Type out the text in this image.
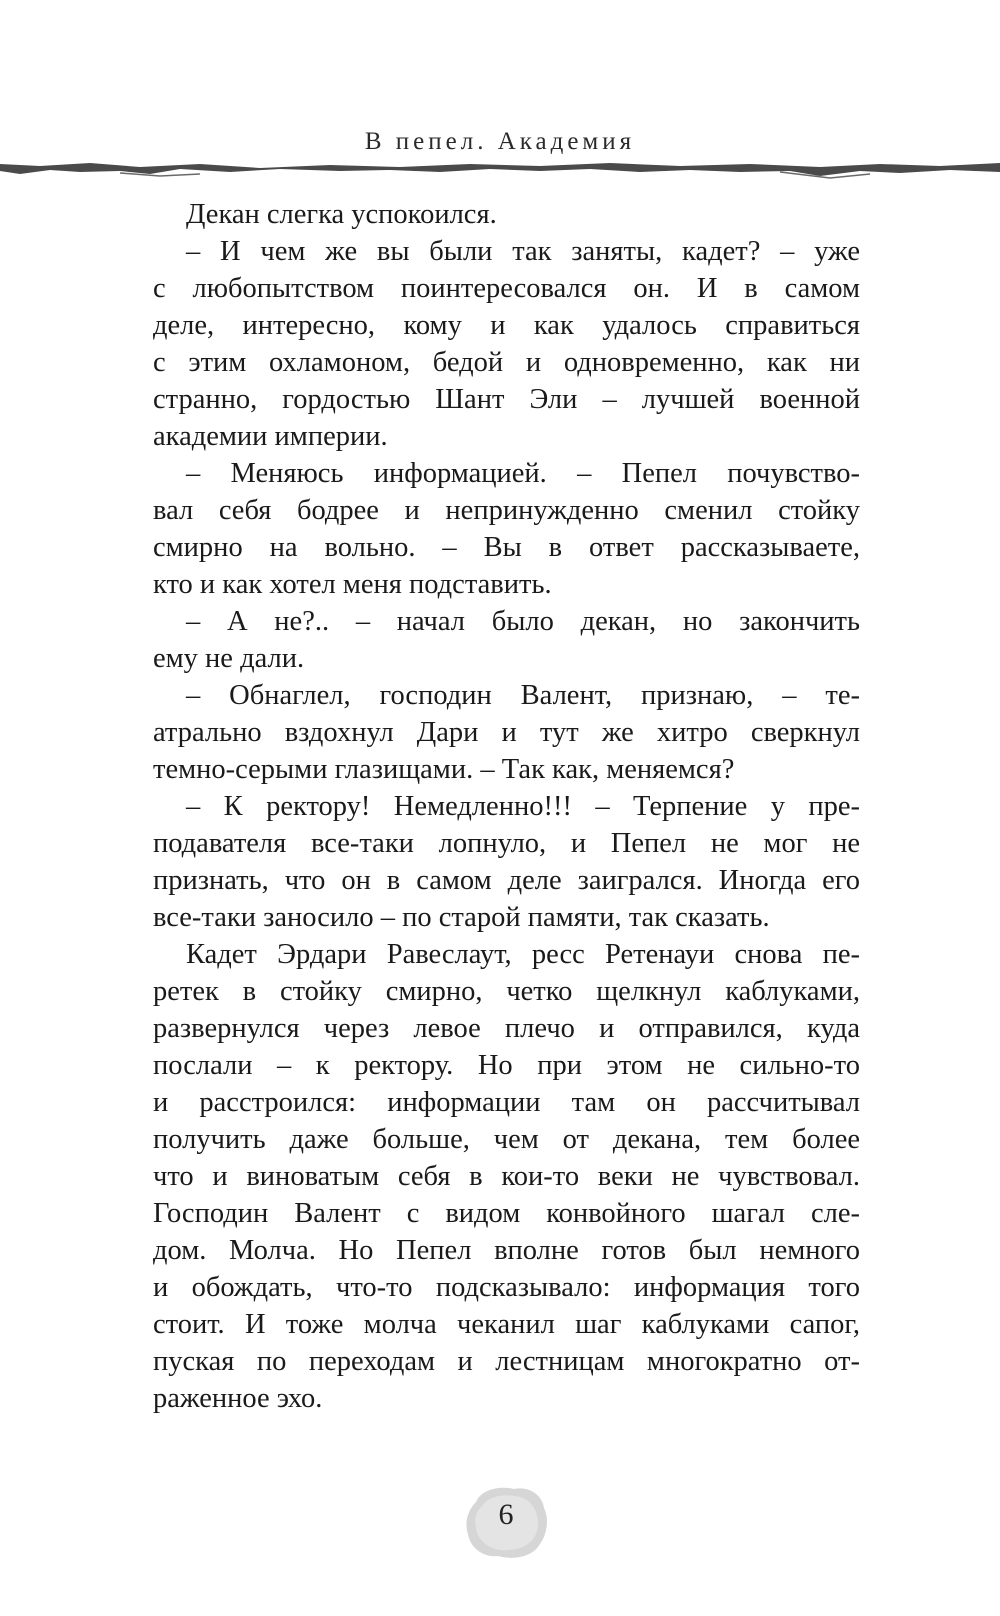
В пепел. Академия
Декан слегка успокоился.
– И чем же вы были так заняты, кадет? – уже
с любопытством поинтересовался он. И в самом
деле, интересно, кому и как удалось справиться
с этим охламоном, бедой и одновременно, как ни
странно, гордостью Шант Эли – лучшей военной
академии империи.
– Меняюсь информацией. – Пепел почувство-
вал себя бодрее и непринужденно сменил стойку
смирно на вольно. – Вы в ответ рассказываете,
кто и как хотел меня подставить.
– А не?.. – начал было декан, но закончить
ему не дали.
– Обнаглел, господин Валент, признаю, – те-
атрально вздохнул Дари и тут же хитро сверкнул
темно-серыми глазищами. – Так как, меняемся?
– К ректору! Немедленно!!! – Терпение у пре-
подавателя все-таки лопнуло, и Пепел не мог не
признать, что он в самом деле заигрался. Иногда его
все-таки заносило – по старой памяти, так сказать.
Кадет Эрдари Равеслаут, ресс Ретенауи снова пе-
ретек в стойку смирно, четко щелкнул каблуками,
развернулся через левое плечо и отправился, куда
послали – к ректору. Но при этом не сильно-то
и расстроился: информации там он рассчитывал
получить даже больше, чем от декана, тем более
что и виноватым себя в кои-то веки не чувствовал.
Господин Валент с видом конвойного шагал сле-
дом. Молча. Но Пепел вполне готов был немного
и обождать, что-то подсказывало: информация того
стоит. И тоже молча чеканил шаг каблуками сапог,
пуская по переходам и лестницам многократно от-
раженное эхо.
6
